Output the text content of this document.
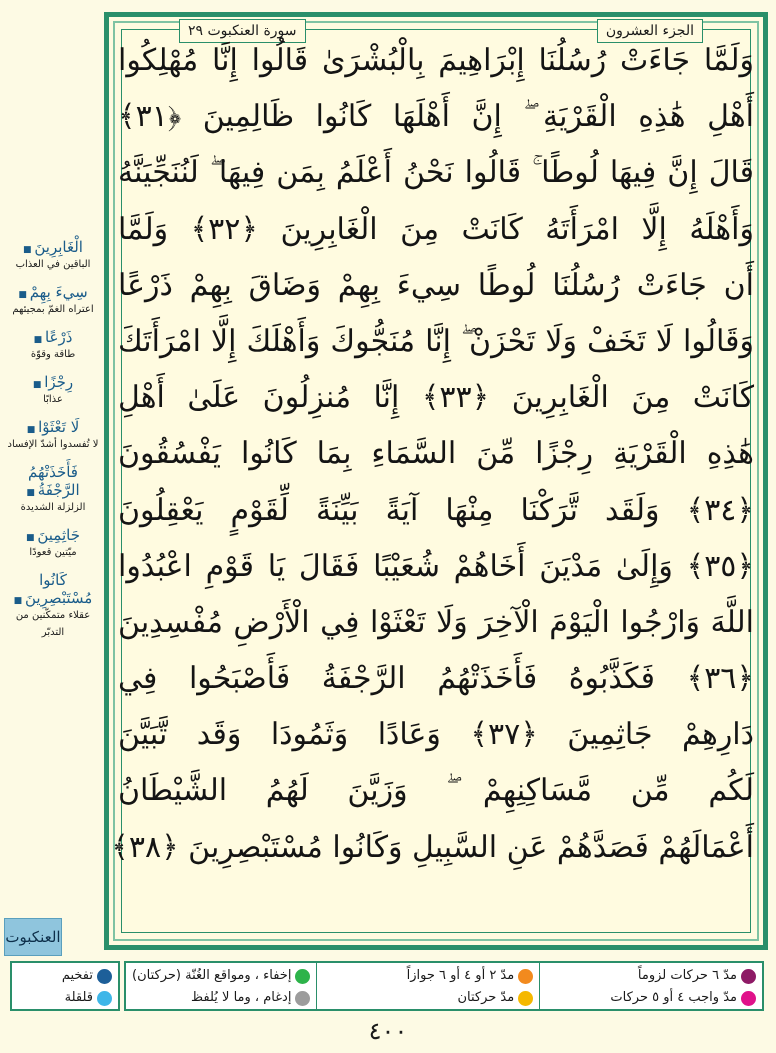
الجزء العشرون
سورة العنكبوت ٢٩
وَلَمَّا جَاءَتْ رُسُلُنَا إِبْرَاهِيمَ بِالْبُشْرَىٰ قَالُوا إِنَّا مُهْلِكُوا
أَهْلِ هَٰذِهِ الْقَرْيَةِ ۖ إِنَّ أَهْلَهَا كَانُوا ظَالِمِينَ ﴿٣١﴾
قَالَ إِنَّ فِيهَا لُوطًا ۚ قَالُوا نَحْنُ أَعْلَمُ بِمَن فِيهَا ۖ لَنُنَجِّيَنَّهُ
وَأَهْلَهُ إِلَّا امْرَأَتَهُ كَانَتْ مِنَ الْغَابِرِينَ ﴿٣٢﴾ وَلَمَّا
أَن جَاءَتْ رُسُلُنَا لُوطًا سِيءَ بِهِمْ وَضَاقَ بِهِمْ ذَرْعًا
وَقَالُوا لَا تَخَفْ وَلَا تَحْزَنْ ۖ إِنَّا مُنَجُّوكَ وَأَهْلَكَ إِلَّا امْرَأَتَكَ
كَانَتْ مِنَ الْغَابِرِينَ ﴿٣٣﴾ إِنَّا مُنزِلُونَ عَلَىٰ أَهْلِ
هَٰذِهِ الْقَرْيَةِ رِجْزًا مِّنَ السَّمَاءِ بِمَا كَانُوا يَفْسُقُونَ
﴿٣٤﴾ وَلَقَد تَّرَكْنَا مِنْهَا آيَةً بَيِّنَةً لِّقَوْمٍ يَعْقِلُونَ
﴿٣٥﴾ وَإِلَىٰ مَدْيَنَ أَخَاهُمْ شُعَيْبًا فَقَالَ يَا قَوْمِ اعْبُدُوا
اللَّهَ وَارْجُوا الْيَوْمَ الْآخِرَ وَلَا تَعْثَوْا فِي الْأَرْضِ مُفْسِدِينَ
﴿٣٦﴾ فَكَذَّبُوهُ فَأَخَذَتْهُمُ الرَّجْفَةُ فَأَصْبَحُوا فِي
دَارِهِمْ جَاثِمِينَ ﴿٣٧﴾ وَعَادًا وَثَمُودَا وَقَد تَّبَيَّنَ
لَكُم مِّن مَّسَاكِنِهِمْ ۖ وَزَيَّنَ لَهُمُ الشَّيْطَانُ
أَعْمَالَهُمْ فَصَدَّهُمْ عَنِ السَّبِيلِ وَكَانُوا مُسْتَبْصِرِينَ ﴿٣٨﴾
الْغَابِرِينَ ■
الباقين في العذاب
سِيءَ بِهِمْ ■
اعتراه الغمّ بمجيئهم
ذَرْعًا ■
طاقة وقوّة
رِجْزًا ■
عذابًا
لَا تَعْثَوْا ■
لا تُفسدوا أشدّ الإفساد
فَأَخَذَتْهُمُ الرَّجْفَةُ ■
الزلزلة الشديدة
جَاثِمِينَ ■
ميّتين قعودًا
كَانُوا مُسْتَبْصِرِينَ ■
عقلاء متمكّنين من التدبّر
العنكبوت
مدّ ٦ حركات لزوماً
مدّ واجب ٤ أو ٥ حركات
مدّ ٢ أو ٤ أو ٦ جوازاً
مدّ حركتان
إخفاء ، ومواقع الغُنّة (حركتان)
إدغام ، وما لا يُلفظ
تفخيم
قلقلة
٤٠٠
